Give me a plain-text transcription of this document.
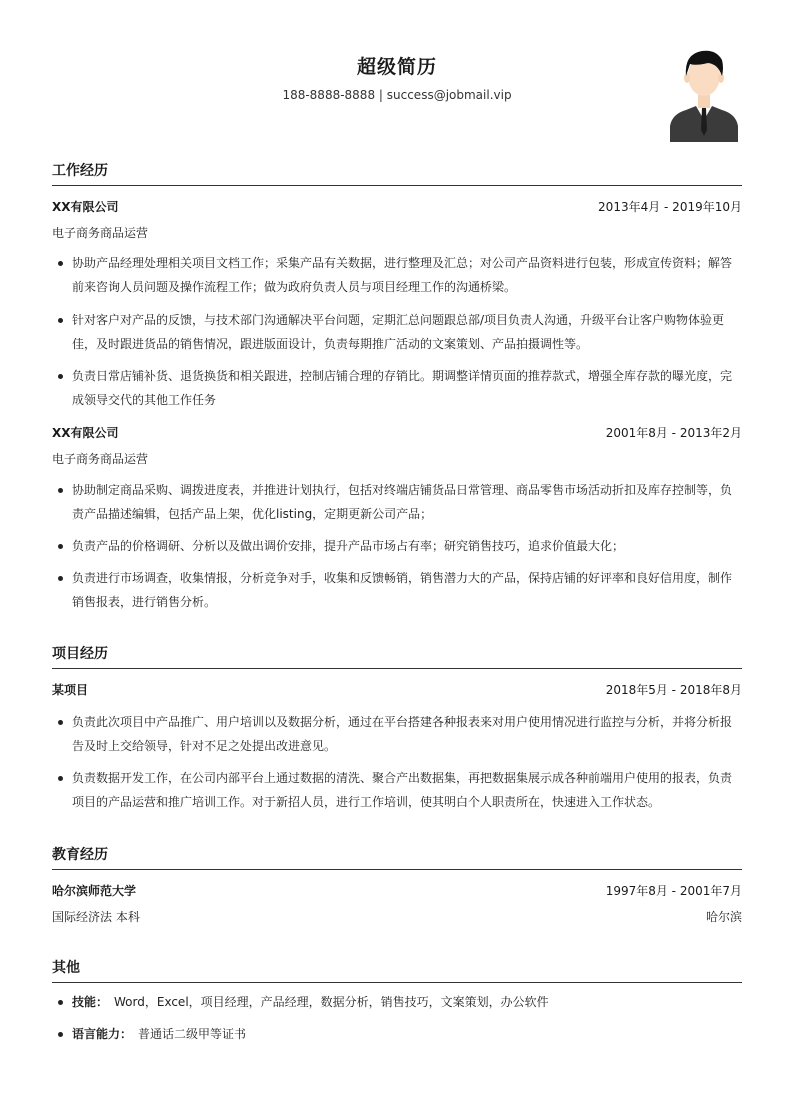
超级简历
188-8888-8888 | success@jobmail.vip
工作经历
XX有限公司	2013年4月 - 2019年10月
电子商务商品运营
协助产品经理处理相关项目文档工作；采集产品有关数据，进行整理及汇总；对公司产品资料进行包装，形成宣传资料；解答
前来咨询人员问题及操作流程工作；做为政府负责人员与项目经理工作的沟通桥梁。
针对客户对产品的反馈，与技术部门沟通解决平台问题，定期汇总问题跟总部/项目负责人沟通，升级平台让客户购物体验更
佳，及时跟进货品的销售情况，跟进版面设计，负责每期推广活动的文案策划、产品拍摄调性等。
负责日常店铺补货、退货换货和相关跟进，控制店铺合理的存销比。期调整详情页面的推荐款式，增强全库存款的曝光度，完
成领导交代的其他工作任务
XX有限公司	2001年8月 - 2013年2月
电子商务商品运营
协助制定商品采购、调拨进度表，并推进计划执行，包括对终端店铺货品日常管理、商品零售市场活动折扣及库存控制等，负
责产品描述编辑，包括产品上架，优化listing，定期更新公司产品；
负责产品的价格调研、分析以及做出调价安排，提升产品市场占有率；研究销售技巧，追求价值最大化；
负责进行市场调查，收集情报，分析竞争对手，收集和反馈畅销，销售潜力大的产品，保持店铺的好评率和良好信用度，制作
销售报表，进行销售分析。
项目经历
某项目	2018年5月 - 2018年8月
负责此次项目中产品推广、用户培训以及数据分析，通过在平台搭建各种报表来对用户使用情况进行监控与分析，并将分析报
告及时上交给领导，针对不足之处提出改进意见。
负责数据开发工作，在公司内部平台上通过数据的清洗、聚合产出数据集，再把数据集展示成各种前端用户使用的报表，负责
项目的产品运营和推广培训工作。对于新招人员，进行工作培训，使其明白个人职责所在，快速进入工作状态。
教育经历
哈尔滨师范大学	1997年8月 - 2001年7月
国际经济法 本科	哈尔滨
其他
技能： Word，Excel，项目经理，产品经理，数据分析，销售技巧，文案策划，办公软件
语言能力： 普通话二级甲等证书
